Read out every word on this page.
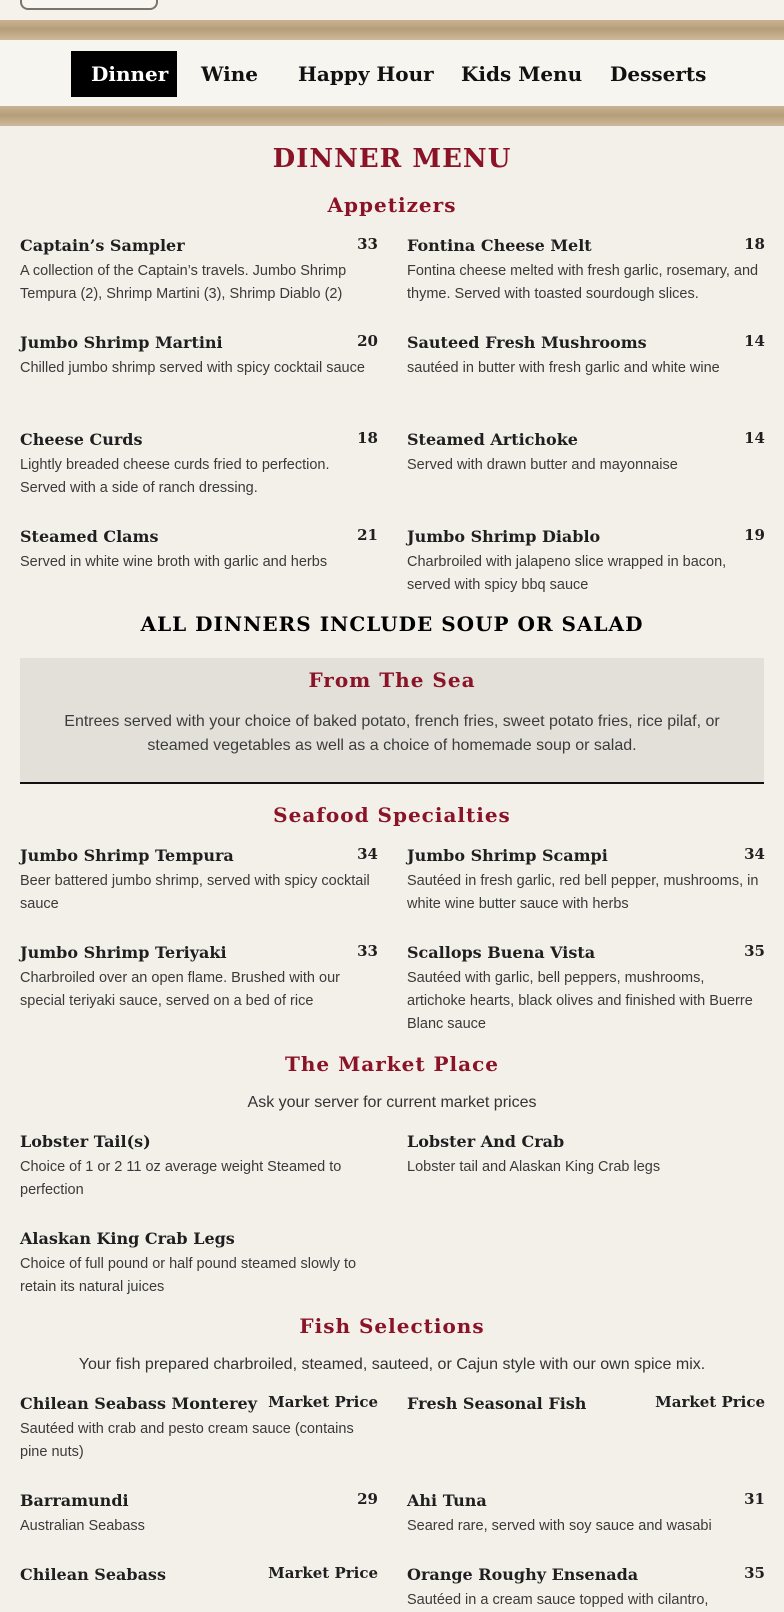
Dinner	Wine	Happy Hour	Kids Menu	Desserts
DINNER MENU
Appetizers
Captain’s Sampler	33
A collection of the Captain’s travels. Jumbo Shrimp Tempura (2), Shrimp Martini (3), Shrimp Diablo (2)
Fontina Cheese Melt	18
Fontina cheese melted with fresh garlic, rosemary, and thyme. Served with toasted sourdough slices.
Jumbo Shrimp Martini	20
Chilled jumbo shrimp served with spicy cocktail sauce
Sauteed Fresh Mushrooms	14
sautéed in butter with fresh garlic and white wine
Cheese Curds	18
Lightly breaded cheese curds fried to perfection. Served with a side of ranch dressing.
Steamed Artichoke	14
Served with drawn butter and mayonnaise
Steamed Clams	21
Served in white wine broth with garlic and herbs
Jumbo Shrimp Diablo	19
Charbroiled with jalapeno slice wrapped in bacon, served with spicy bbq sauce
ALL DINNERS INCLUDE SOUP OR SALAD
From The Sea
Entrees served with your choice of baked potato, french fries, sweet potato fries, rice pilaf, or steamed vegetables as well as a choice of homemade soup or salad.
Seafood Specialties
Jumbo Shrimp Tempura	34
Beer battered jumbo shrimp, served with spicy cocktail sauce
Jumbo Shrimp Scampi	34
Sautéed in fresh garlic, red bell pepper, mushrooms, in white wine butter sauce with herbs
Jumbo Shrimp Teriyaki	33
Charbroiled over an open flame. Brushed with our special teriyaki sauce, served on a bed of rice
Scallops Buena Vista	35
Sautéed with garlic, bell peppers, mushrooms, artichoke hearts, black olives and finished with Buerre Blanc sauce
The Market Place
Ask your server for current market prices
Lobster Tail(s)
Choice of 1 or 2 11 oz average weight Steamed to perfection
Lobster And Crab
Lobster tail and Alaskan King Crab legs
Alaskan King Crab Legs
Choice of full pound or half pound steamed slowly to retain its natural juices
Fish Selections
Your fish prepared charbroiled, steamed, sauteed, or Cajun style with our own spice mix.
Chilean Seabass Monterey Market Price
Sautéed with crab and pesto cream sauce (contains pine nuts)
Fresh Seasonal Fish	Market Price
Barramundi	29
Australian Seabass
Ahi Tuna	31
Seared rare, served with soy sauce and wasabi
Chilean Seabass	Market Price Orange Roughy Ensenada	35
Sautéed in a cream sauce topped with cilantro,
